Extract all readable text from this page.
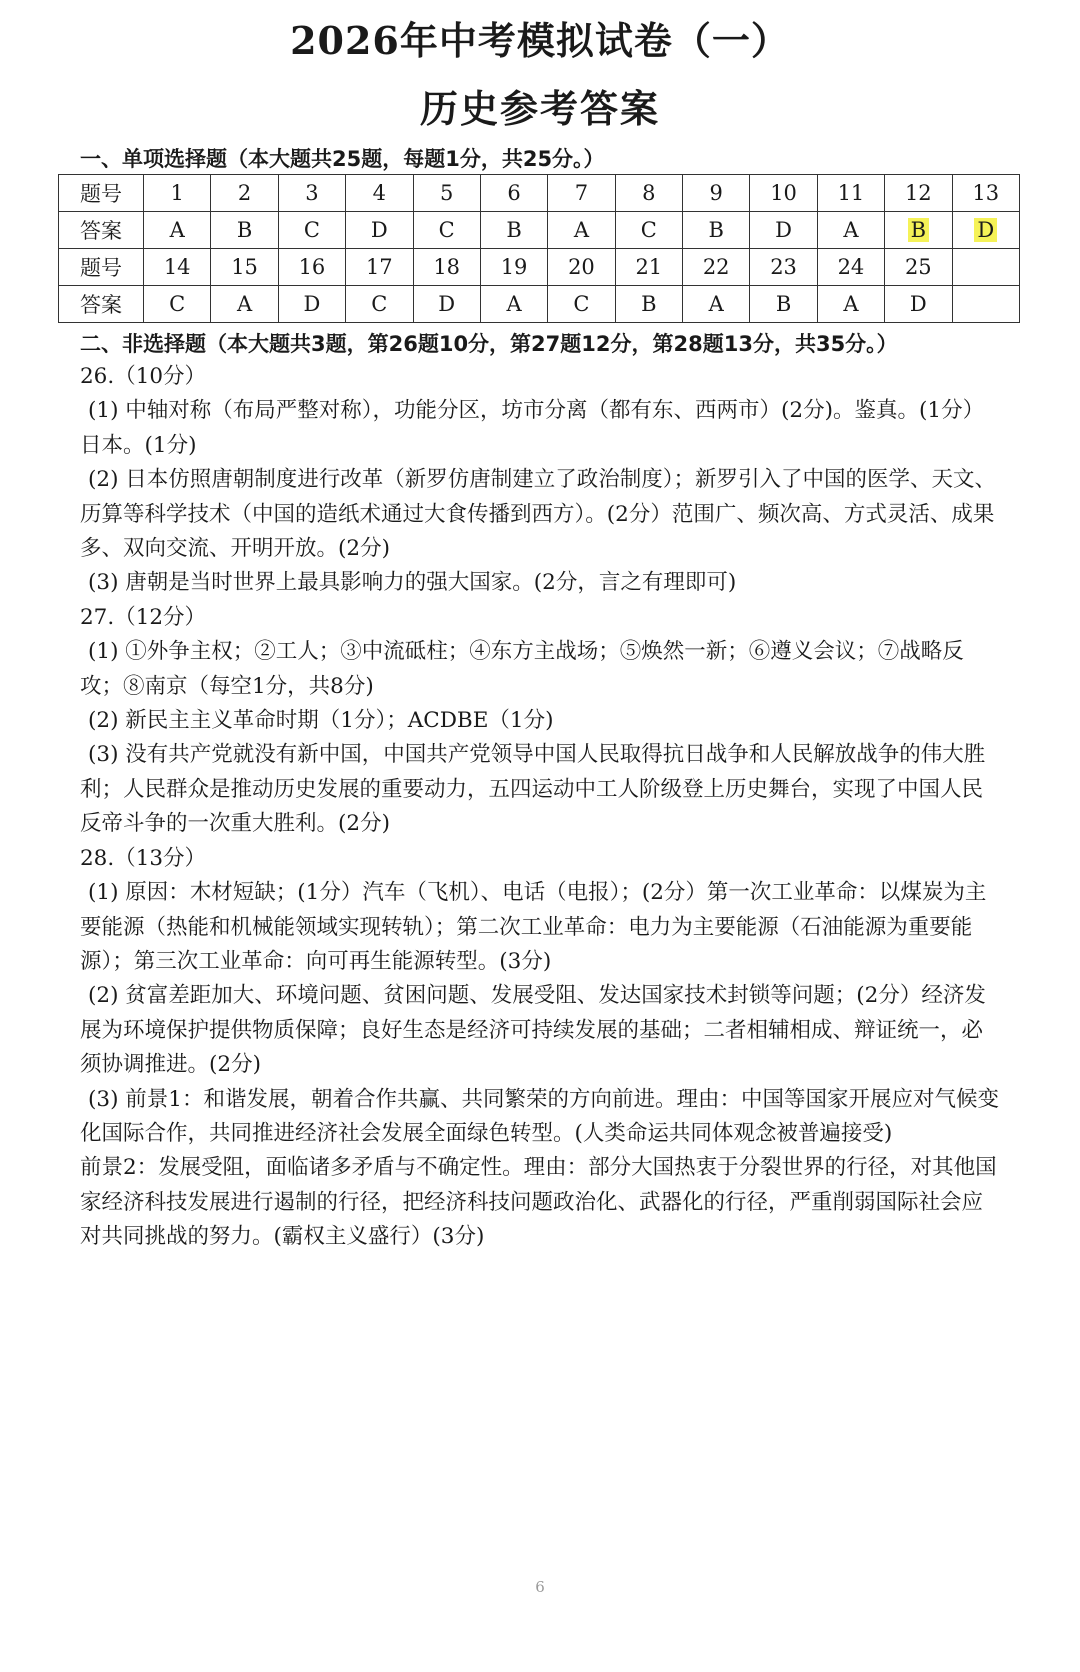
2026年中考模拟试卷（一）
历史参考答案
一、单项选择题（本大题共25题，每题1分，共25分。）
题号	1	2	3	4	5	6	7	8	9	10	11	12	13
答案	A	B	C	D	C	B	A	C	B	D	A	B	D
题号	14	15	16	17	18	19	20	21	22	23	24	25	
答案	C	A	D	C	D	A	C	B	A	B	A	D	
二、非选择题（本大题共3题，第26题10分，第27题12分，第28题13分，共35分。）

26.（10分）

(1) 中轴对称（布局严整对称），功能分区，坊市分离（都有东、西两市）(2分)。鉴真。(1分）日本。(1分)

(2) 日本仿照唐朝制度进行改革（新罗仿唐制建立了政治制度）；新罗引入了中国的医学、天文、历算等科学技术（中国的造纸术通过大食传播到西方）。(2分）范围广、频次高、方式灵活、成果多、双向交流、开明开放。(2分)

(3) 唐朝是当时世界上最具影响力的强大国家。(2分，言之有理即可)

27.（12分）

(1) ①外争主权；②工人；③中流砥柱；④东方主战场；⑤焕然一新；⑥遵义会议；⑦战略反攻；⑧南京（每空1分，共8分)

(2) 新民主主义革命时期（1分）；ACDBE（1分)

(3) 没有共产党就没有新中国，中国共产党领导中国人民取得抗日战争和人民解放战争的伟大胜利；人民群众是推动历史发展的重要动力，五四运动中工人阶级登上历史舞台，实现了中国人民反帝斗争的一次重大胜利。(2分)

28.（13分）

(1) 原因：木材短缺；(1分）汽车（飞机）、电话（电报）；(2分）第一次工业革命：以煤炭为主要能源（热能和机械能领域实现转轨）；第二次工业革命：电力为主要能源（石油能源为重要能源）；第三次工业革命：向可再生能源转型。(3分)

(2) 贫富差距加大、环境问题、贫困问题、发展受阻、发达国家技术封锁等问题；(2分）经济发展为环境保护提供物质保障；良好生态是经济可持续发展的基础；二者相辅相成、辩证统一，必须协调推进。(2分)

(3) 前景1：和谐发展，朝着合作共赢、共同繁荣的方向前进。理由：中国等国家开展应对气候变化国际合作，共同推进经济社会发展全面绿色转型。(人类命运共同体观念被普遍接受)

前景2：发展受阻，面临诸多矛盾与不确定性。理由：部分大国热衷于分裂世界的行径，对其他国家经济科技发展进行遏制的行径，把经济科技问题政治化、武器化的行径，严重削弱国际社会应对共同挑战的努力。(霸权主义盛行）(3分)

6
